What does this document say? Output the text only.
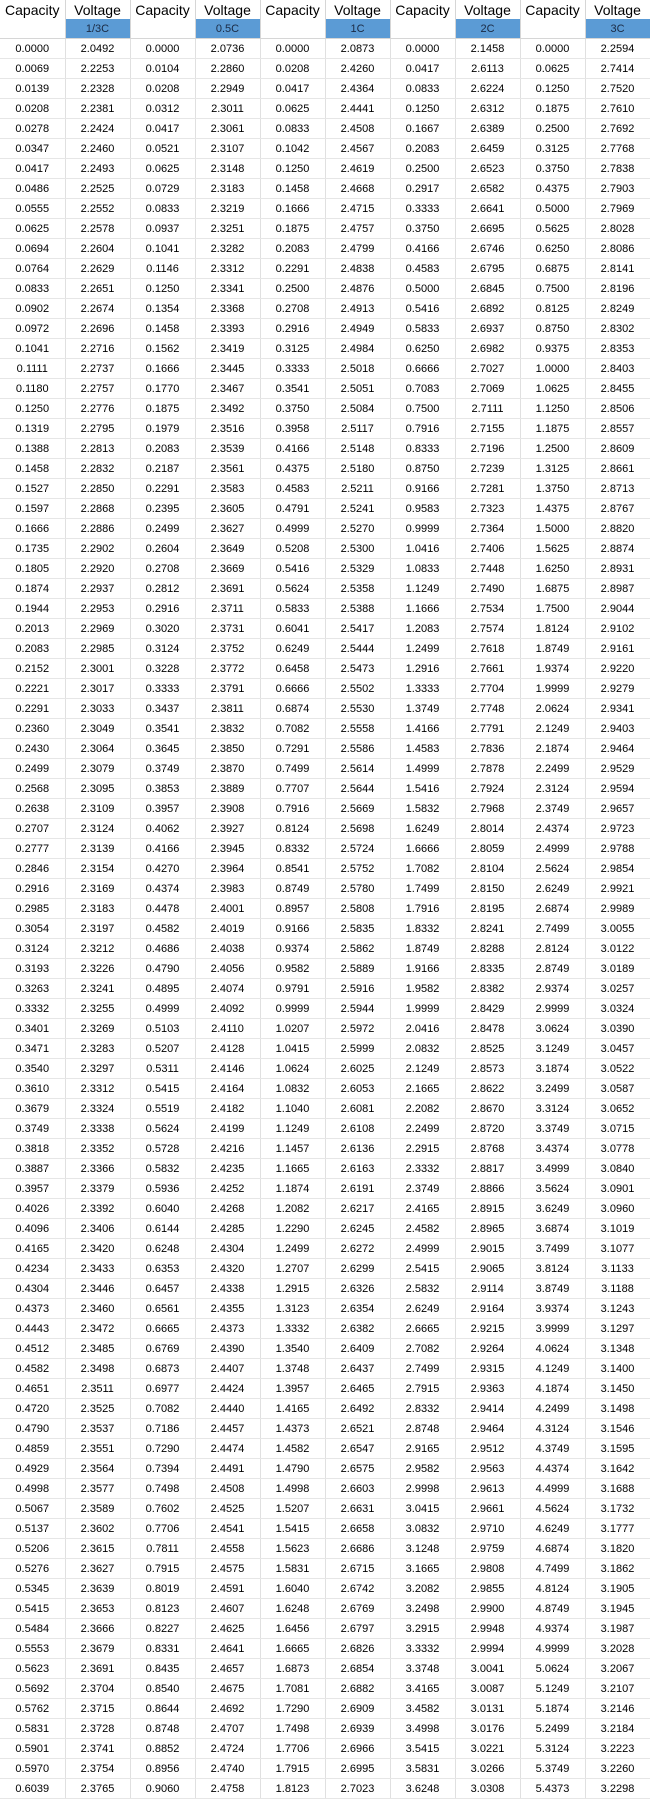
Capacity	Voltage	Capacity	Voltage	Capacity	Voltage	Capacity	Voltage	Capacity	Voltage
	1/3C		0.5C		1C		2C		3C
0.0000	2.0492	0.0000	2.0736	0.0000	2.0873	0.0000	2.1458	0.0000	2.2594
0.0069	2.2253	0.0104	2.2860	0.0208	2.4260	0.0417	2.6113	0.0625	2.7414
0.0139	2.2328	0.0208	2.2949	0.0417	2.4364	0.0833	2.6224	0.1250	2.7520
0.0208	2.2381	0.0312	2.3011	0.0625	2.4441	0.1250	2.6312	0.1875	2.7610
0.0278	2.2424	0.0417	2.3061	0.0833	2.4508	0.1667	2.6389	0.2500	2.7692
0.0347	2.2460	0.0521	2.3107	0.1042	2.4567	0.2083	2.6459	0.3125	2.7768
0.0417	2.2493	0.0625	2.3148	0.1250	2.4619	0.2500	2.6523	0.3750	2.7838
0.0486	2.2525	0.0729	2.3183	0.1458	2.4668	0.2917	2.6582	0.4375	2.7903
0.0555	2.2552	0.0833	2.3219	0.1666	2.4715	0.3333	2.6641	0.5000	2.7969
0.0625	2.2578	0.0937	2.3251	0.1875	2.4757	0.3750	2.6695	0.5625	2.8028
0.0694	2.2604	0.1041	2.3282	0.2083	2.4799	0.4166	2.6746	0.6250	2.8086
0.0764	2.2629	0.1146	2.3312	0.2291	2.4838	0.4583	2.6795	0.6875	2.8141
0.0833	2.2651	0.1250	2.3341	0.2500	2.4876	0.5000	2.6845	0.7500	2.8196
0.0902	2.2674	0.1354	2.3368	0.2708	2.4913	0.5416	2.6892	0.8125	2.8249
0.0972	2.2696	0.1458	2.3393	0.2916	2.4949	0.5833	2.6937	0.8750	2.8302
0.1041	2.2716	0.1562	2.3419	0.3125	2.4984	0.6250	2.6982	0.9375	2.8353
0.1111	2.2737	0.1666	2.3445	0.3333	2.5018	0.6666	2.7027	1.0000	2.8403
0.1180	2.2757	0.1770	2.3467	0.3541	2.5051	0.7083	2.7069	1.0625	2.8455
0.1250	2.2776	0.1875	2.3492	0.3750	2.5084	0.7500	2.7111	1.1250	2.8506
0.1319	2.2795	0.1979	2.3516	0.3958	2.5117	0.7916	2.7155	1.1875	2.8557
0.1388	2.2813	0.2083	2.3539	0.4166	2.5148	0.8333	2.7196	1.2500	2.8609
0.1458	2.2832	0.2187	2.3561	0.4375	2.5180	0.8750	2.7239	1.3125	2.8661
0.1527	2.2850	0.2291	2.3583	0.4583	2.5211	0.9166	2.7281	1.3750	2.8713
0.1597	2.2868	0.2395	2.3605	0.4791	2.5241	0.9583	2.7323	1.4375	2.8767
0.1666	2.2886	0.2499	2.3627	0.4999	2.5270	0.9999	2.7364	1.5000	2.8820
0.1735	2.2902	0.2604	2.3649	0.5208	2.5300	1.0416	2.7406	1.5625	2.8874
0.1805	2.2920	0.2708	2.3669	0.5416	2.5329	1.0833	2.7448	1.6250	2.8931
0.1874	2.2937	0.2812	2.3691	0.5624	2.5358	1.1249	2.7490	1.6875	2.8987
0.1944	2.2953	0.2916	2.3711	0.5833	2.5388	1.1666	2.7534	1.7500	2.9044
0.2013	2.2969	0.3020	2.3731	0.6041	2.5417	1.2083	2.7574	1.8124	2.9102
0.2083	2.2985	0.3124	2.3752	0.6249	2.5444	1.2499	2.7618	1.8749	2.9161
0.2152	2.3001	0.3228	2.3772	0.6458	2.5473	1.2916	2.7661	1.9374	2.9220
0.2221	2.3017	0.3333	2.3791	0.6666	2.5502	1.3333	2.7704	1.9999	2.9279
0.2291	2.3033	0.3437	2.3811	0.6874	2.5530	1.3749	2.7748	2.0624	2.9341
0.2360	2.3049	0.3541	2.3832	0.7082	2.5558	1.4166	2.7791	2.1249	2.9403
0.2430	2.3064	0.3645	2.3850	0.7291	2.5586	1.4583	2.7836	2.1874	2.9464
0.2499	2.3079	0.3749	2.3870	0.7499	2.5614	1.4999	2.7878	2.2499	2.9529
0.2568	2.3095	0.3853	2.3889	0.7707	2.5644	1.5416	2.7924	2.3124	2.9594
0.2638	2.3109	0.3957	2.3908	0.7916	2.5669	1.5832	2.7968	2.3749	2.9657
0.2707	2.3124	0.4062	2.3927	0.8124	2.5698	1.6249	2.8014	2.4374	2.9723
0.2777	2.3139	0.4166	2.3945	0.8332	2.5724	1.6666	2.8059	2.4999	2.9788
0.2846	2.3154	0.4270	2.3964	0.8541	2.5752	1.7082	2.8104	2.5624	2.9854
0.2916	2.3169	0.4374	2.3983	0.8749	2.5780	1.7499	2.8150	2.6249	2.9921
0.2985	2.3183	0.4478	2.4001	0.8957	2.5808	1.7916	2.8195	2.6874	2.9989
0.3054	2.3197	0.4582	2.4019	0.9166	2.5835	1.8332	2.8241	2.7499	3.0055
0.3124	2.3212	0.4686	2.4038	0.9374	2.5862	1.8749	2.8288	2.8124	3.0122
0.3193	2.3226	0.4790	2.4056	0.9582	2.5889	1.9166	2.8335	2.8749	3.0189
0.3263	2.3241	0.4895	2.4074	0.9791	2.5916	1.9582	2.8382	2.9374	3.0257
0.3332	2.3255	0.4999	2.4092	0.9999	2.5944	1.9999	2.8429	2.9999	3.0324
0.3401	2.3269	0.5103	2.4110	1.0207	2.5972	2.0416	2.8478	3.0624	3.0390
0.3471	2.3283	0.5207	2.4128	1.0415	2.5999	2.0832	2.8525	3.1249	3.0457
0.3540	2.3297	0.5311	2.4146	1.0624	2.6025	2.1249	2.8573	3.1874	3.0522
0.3610	2.3312	0.5415	2.4164	1.0832	2.6053	2.1665	2.8622	3.2499	3.0587
0.3679	2.3324	0.5519	2.4182	1.1040	2.6081	2.2082	2.8670	3.3124	3.0652
0.3749	2.3338	0.5624	2.4199	1.1249	2.6108	2.2499	2.8720	3.3749	3.0715
0.3818	2.3352	0.5728	2.4216	1.1457	2.6136	2.2915	2.8768	3.4374	3.0778
0.3887	2.3366	0.5832	2.4235	1.1665	2.6163	2.3332	2.8817	3.4999	3.0840
0.3957	2.3379	0.5936	2.4252	1.1874	2.6191	2.3749	2.8866	3.5624	3.0901
0.4026	2.3392	0.6040	2.4268	1.2082	2.6217	2.4165	2.8915	3.6249	3.0960
0.4096	2.3406	0.6144	2.4285	1.2290	2.6245	2.4582	2.8965	3.6874	3.1019
0.4165	2.3420	0.6248	2.4304	1.2499	2.6272	2.4999	2.9015	3.7499	3.1077
0.4234	2.3433	0.6353	2.4320	1.2707	2.6299	2.5415	2.9065	3.8124	3.1133
0.4304	2.3446	0.6457	2.4338	1.2915	2.6326	2.5832	2.9114	3.8749	3.1188
0.4373	2.3460	0.6561	2.4355	1.3123	2.6354	2.6249	2.9164	3.9374	3.1243
0.4443	2.3472	0.6665	2.4373	1.3332	2.6382	2.6665	2.9215	3.9999	3.1297
0.4512	2.3485	0.6769	2.4390	1.3540	2.6409	2.7082	2.9264	4.0624	3.1348
0.4582	2.3498	0.6873	2.4407	1.3748	2.6437	2.7499	2.9315	4.1249	3.1400
0.4651	2.3511	0.6977	2.4424	1.3957	2.6465	2.7915	2.9363	4.1874	3.1450
0.4720	2.3525	0.7082	2.4440	1.4165	2.6492	2.8332	2.9414	4.2499	3.1498
0.4790	2.3537	0.7186	2.4457	1.4373	2.6521	2.8748	2.9464	4.3124	3.1546
0.4859	2.3551	0.7290	2.4474	1.4582	2.6547	2.9165	2.9512	4.3749	3.1595
0.4929	2.3564	0.7394	2.4491	1.4790	2.6575	2.9582	2.9563	4.4374	3.1642
0.4998	2.3577	0.7498	2.4508	1.4998	2.6603	2.9998	2.9613	4.4999	3.1688
0.5067	2.3589	0.7602	2.4525	1.5207	2.6631	3.0415	2.9661	4.5624	3.1732
0.5137	2.3602	0.7706	2.4541	1.5415	2.6658	3.0832	2.9710	4.6249	3.1777
0.5206	2.3615	0.7811	2.4558	1.5623	2.6686	3.1248	2.9759	4.6874	3.1820
0.5276	2.3627	0.7915	2.4575	1.5831	2.6715	3.1665	2.9808	4.7499	3.1862
0.5345	2.3639	0.8019	2.4591	1.6040	2.6742	3.2082	2.9855	4.8124	3.1905
0.5415	2.3653	0.8123	2.4607	1.6248	2.6769	3.2498	2.9900	4.8749	3.1945
0.5484	2.3666	0.8227	2.4625	1.6456	2.6797	3.2915	2.9948	4.9374	3.1987
0.5553	2.3679	0.8331	2.4641	1.6665	2.6826	3.3332	2.9994	4.9999	3.2028
0.5623	2.3691	0.8435	2.4657	1.6873	2.6854	3.3748	3.0041	5.0624	3.2067
0.5692	2.3704	0.8540	2.4675	1.7081	2.6882	3.4165	3.0087	5.1249	3.2107
0.5762	2.3715	0.8644	2.4692	1.7290	2.6909	3.4582	3.0131	5.1874	3.2146
0.5831	2.3728	0.8748	2.4707	1.7498	2.6939	3.4998	3.0176	5.2499	3.2184
0.5901	2.3741	0.8852	2.4724	1.7706	2.6966	3.5415	3.0221	5.3124	3.2223
0.5970	2.3754	0.8956	2.4740	1.7915	2.6995	3.5831	3.0266	5.3749	3.2260
0.6039	2.3765	0.9060	2.4758	1.8123	2.7023	3.6248	3.0308	5.4373	3.2298
